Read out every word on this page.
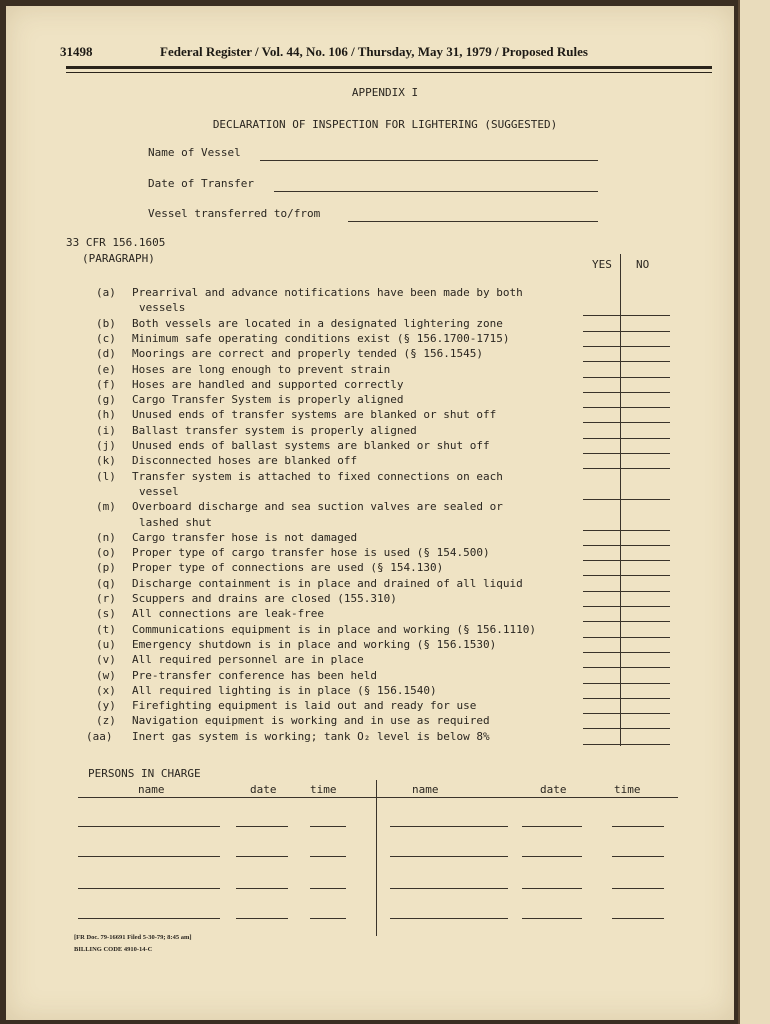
31498	Federal Register / Vol. 44, No. 106 / Thursday, May 31, 1979 / Proposed Rules
APPENDIX I
DECLARATION OF INSPECTION FOR LIGHTERING (SUGGESTED)
Name of Vessel
Date of Transfer
Vessel transferred to/from
33 CFR 156.1605
(PARAGRAPH)	YES NO
(a) Prearrival and advance notifications have been made by both
vessels
(b) Both vessels are located in a designated lightering zone
(c) Minimum safe operating conditions exist (§ 156.1700-1715)
(d) Moorings are correct and properly tended (§ 156.1545)
(e) Hoses are long enough to prevent strain
(f) Hoses are handled and supported correctly
(g) Cargo Transfer System is properly aligned
(h) Unused ends of transfer systems are blanked or shut off
(i) Ballast transfer system is properly aligned
(j) Unused ends of ballast systems are blanked or shut off
(k) Disconnected hoses are blanked off
(l) Transfer system is attached to fixed connections on each
vessel
(m) Overboard discharge and sea suction valves are sealed or
lashed shut
(n) Cargo transfer hose is not damaged
(o) Proper type of cargo transfer hose is used (§ 154.500)
(p) Proper type of connections are used (§ 154.130)
(q) Discharge containment is in place and drained of all liquid
(r) Scuppers and drains are closed (155.310)
(s) All connections are leak-free
(t) Communications equipment is in place and working (§ 156.1110)
(u) Emergency shutdown is in place and working (§ 156.1530)
(v) All required personnel are in place
(w) Pre-transfer conference has been held
(x) All required lighting is in place (§ 156.1540)
(y) Firefighting equipment is laid out and ready for use
(z) Navigation equipment is working and in use as required
(aa) Inert gas system is working; tank O₂ level is below 8%
PERSONS IN CHARGE
name	date	time	name	date	time
[FR Doc. 79-16691 Filed 5-30-79; 8:45 am]
BILLING CODE 4910-14-C
